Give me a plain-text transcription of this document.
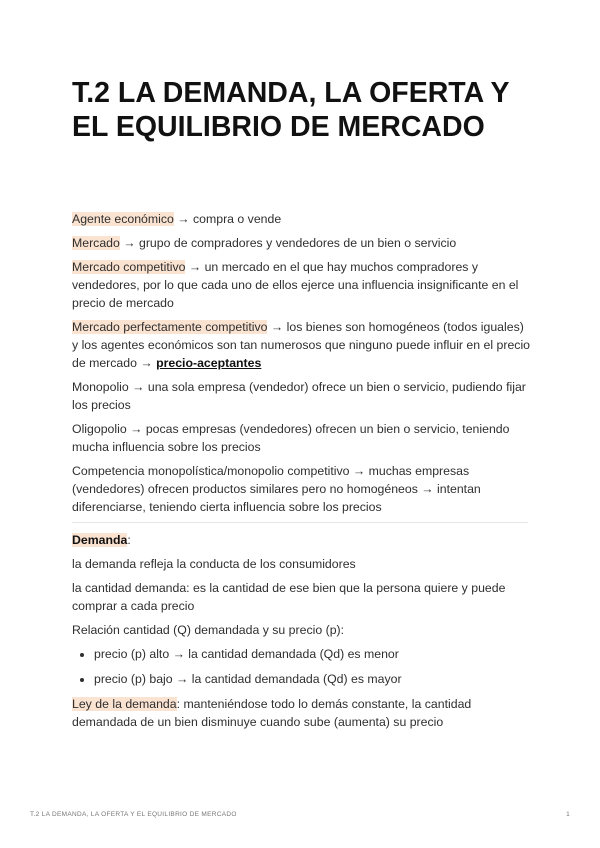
T.2 LA DEMANDA, LA OFERTA Y EL EQUILIBRIO DE MERCADO

Agente económico → compra o vende

Mercado → grupo de compradores y vendedores de un bien o servicio

Mercado competitivo → un mercado en el que hay muchos compradores y vendedores, por lo que cada uno de ellos ejerce una influencia insignificante en el precio de mercado

Mercado perfectamente competitivo → los bienes son homogéneos (todos iguales) y los agentes económicos son tan numerosos que ninguno puede influir en el precio de mercado → precio-aceptantes

Monopolio → una sola empresa (vendedor) ofrece un bien o servicio, pudiendo fijar los precios

Oligopolio → pocas empresas (vendedores) ofrecen un bien o servicio, teniendo mucha influencia sobre los precios

Competencia monopolística/monopolio competitivo → muchas empresas (vendedores) ofrecen productos similares pero no homogéneos → intentan diferenciarse, teniendo cierta influencia sobre los precios

Demanda:

la demanda refleja la conducta de los consumidores

la cantidad demanda: es la cantidad de ese bien que la persona quiere y puede comprar a cada precio

Relación cantidad (Q) demandada y su precio (p):

• precio (p) alto → la cantidad demandada (Qd) es menor
• precio (p) bajo → la cantidad demandada (Qd) es mayor

Ley de la demanda: manteniéndose todo lo demás constante, la cantidad demandada de un bien disminuye cuando sube (aumenta) su precio

T.2 LA DEMANDA, LA OFERTA Y EL EQUILIBRIO DE MERCADO	1
